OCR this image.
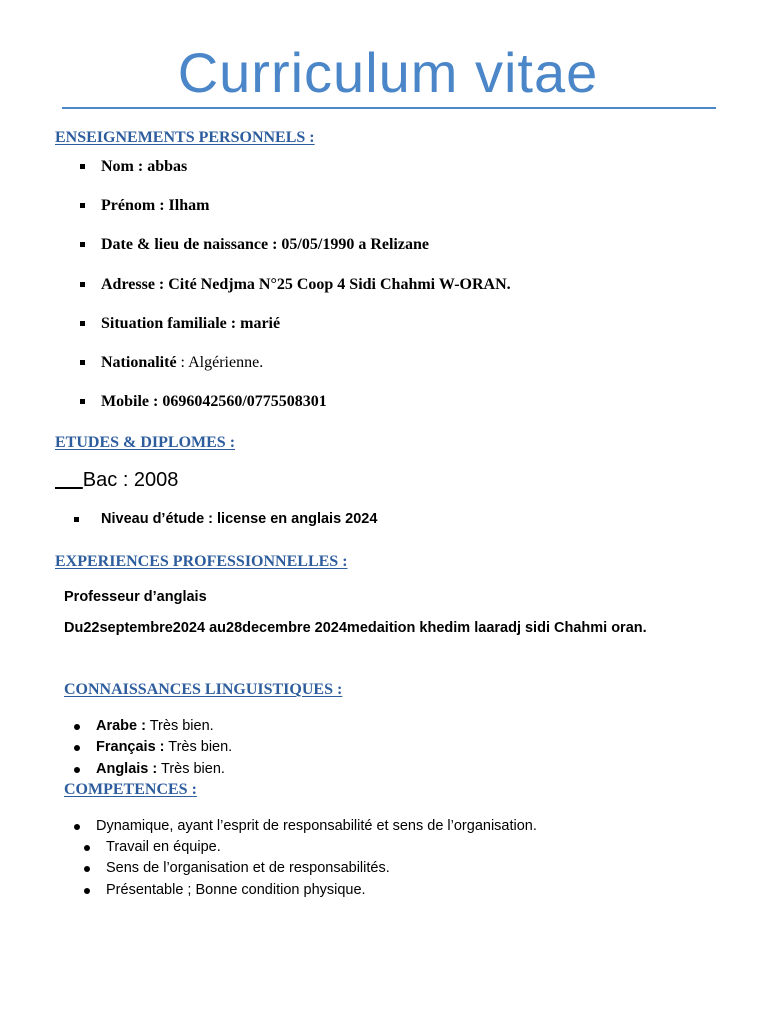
Curriculum vitae
ENSEIGNEMENTS PERSONNELS :
Nom : abbas
Prénom : Ilham
Date & lieu de naissance : 05/05/1990 a Relizane
Adresse : Cité Nedjma N°25 Coop 4 Sidi Chahmi W-ORAN.
Situation familiale : marié
Nationalité : Algérienne.
Mobile : 0696042560/0775508301
ETUDES & DIPLOMES :
Bac : 2008
Niveau d’étude : license en anglais 2024
EXPERIENCES PROFESSIONNELLES :
Professeur d’anglais
Du22septembre2024 au28decembre 2024medaition khedim laaradj sidi Chahmi oran.
CONNAISSANCES LINGUISTIQUES :
Arabe : Très bien.
Français : Très bien.
Anglais : Très bien.
COMPETENCES :
Dynamique, ayant l’esprit de responsabilité et sens de l’organisation.
Travail en équipe.
Sens de l’organisation et de responsabilités.
Présentable ; Bonne condition physique.
